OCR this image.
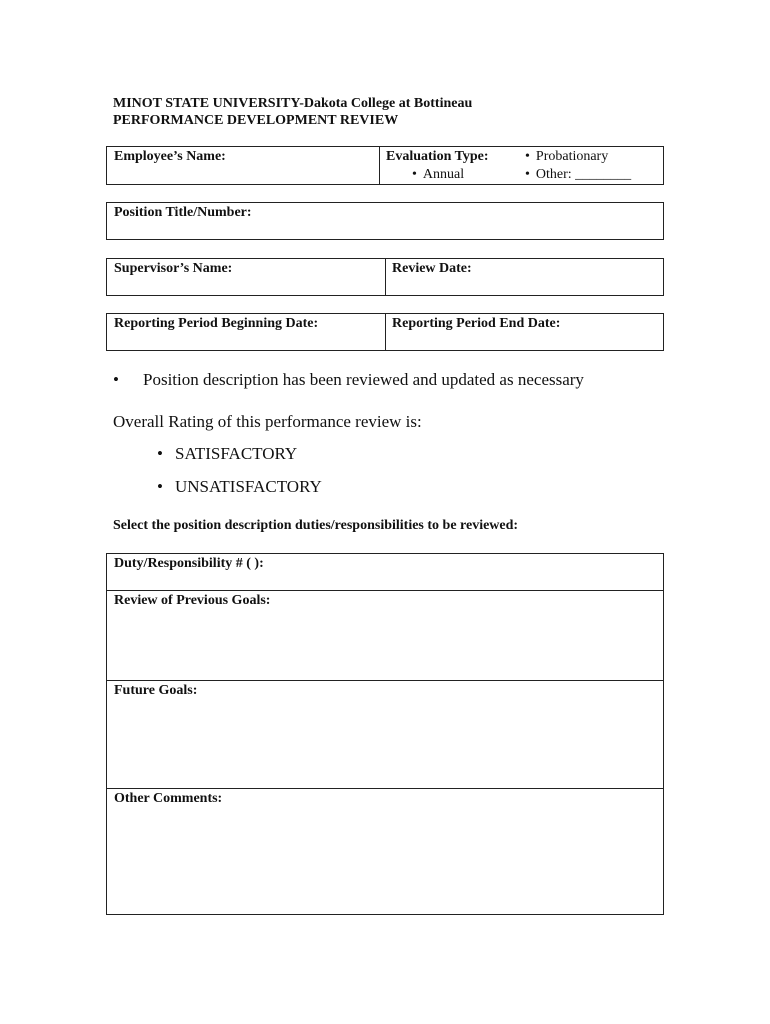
MINOT STATE UNIVERSITY-Dakota College at Bottineau
PERFORMANCE DEVELOPMENT REVIEW
Employee’s Name:	Evaluation Type:	• Probationary
• Annual	• Other: ________
Position Title/Number:
Supervisor’s Name:	Review Date:
Reporting Period Beginning Date:	Reporting Period End Date:
• Position description has been reviewed and updated as necessary
Overall Rating of this performance review is:
• SATISFACTORY
• UNSATISFACTORY
Select the position description duties/responsibilities to be reviewed:
Duty/Responsibility # ( ):
Review of Previous Goals:
Future Goals:
Other Comments:
